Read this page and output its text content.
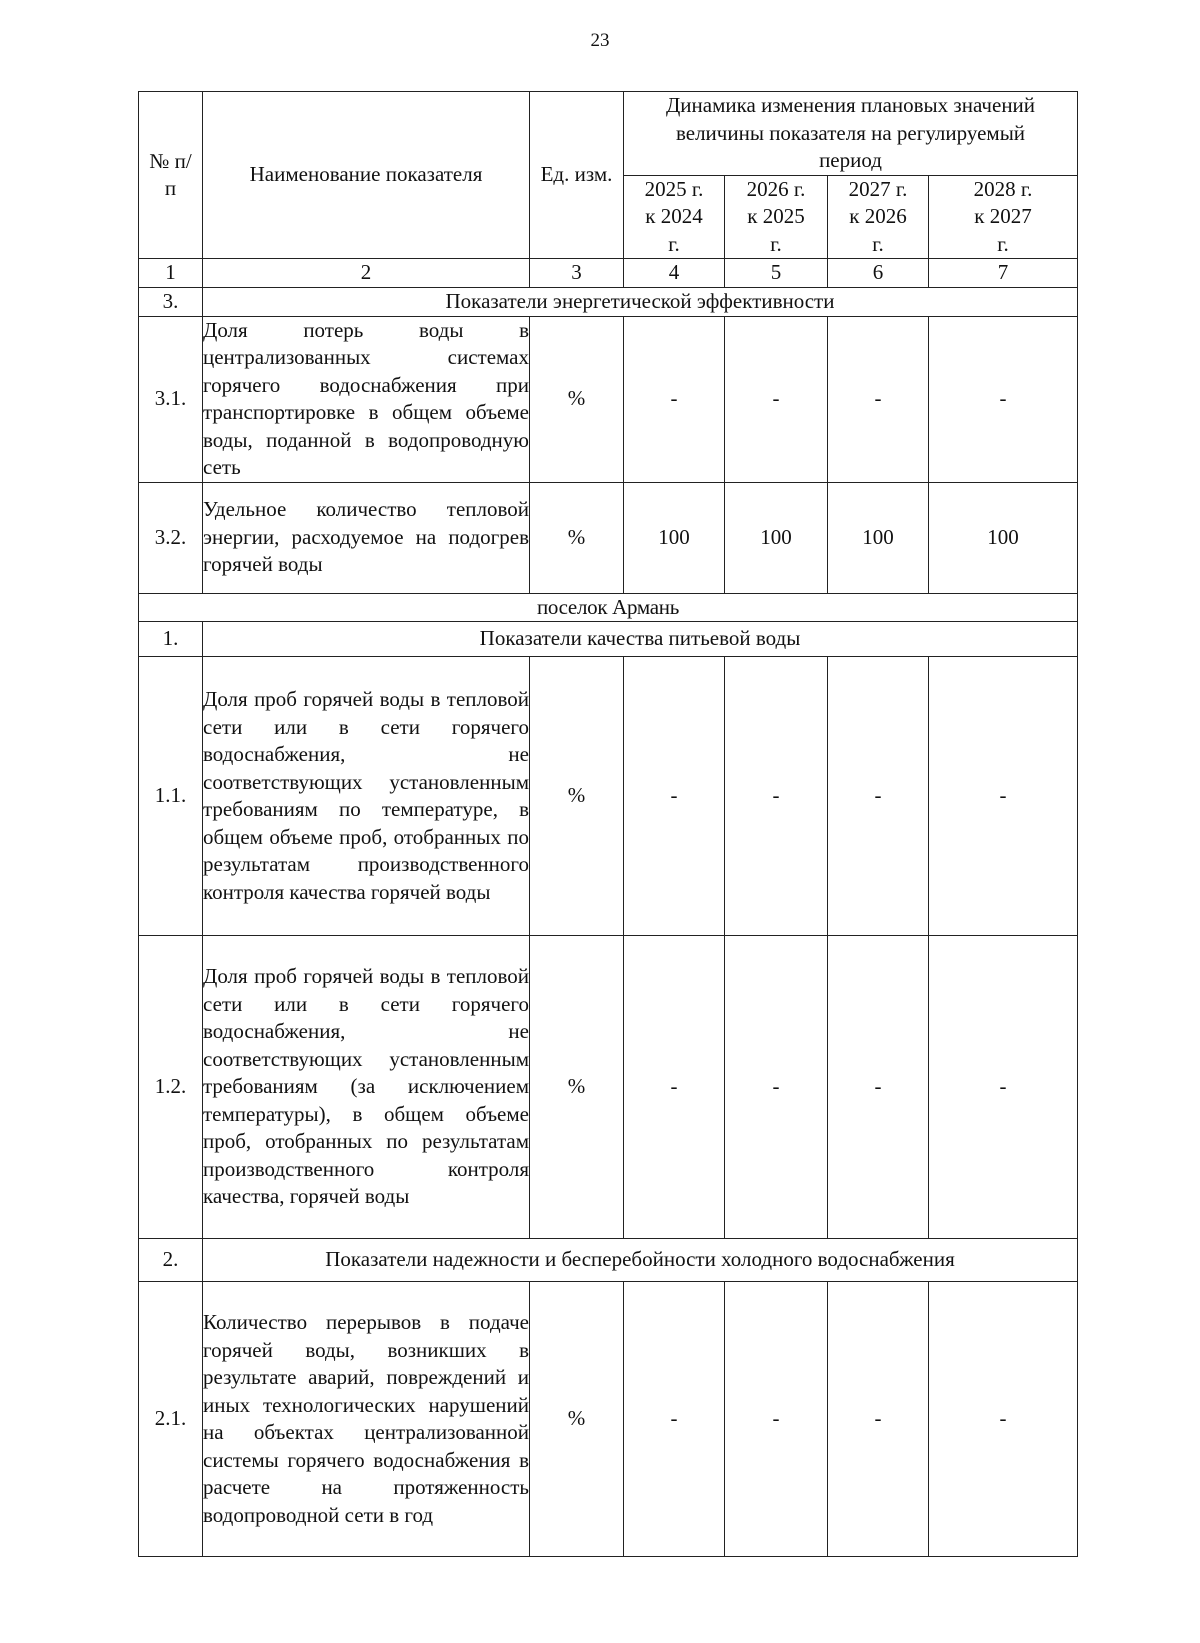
23
№ п/п	Наименование показателя	Ед. изм.	Динамика изменения плановых значений величины показателя на регулируемый период			
			2025 г. к 2024 г.	2026 г. к 2025 г.	2027 г. к 2026 г.	2028 г. к 2027 г.
1	2	3	4	5	6	7
3.	Показатели энергетической эффективности					
3.1.	Доля потерь воды в централизованных системах горячего водоснабжения при транспортировке в общем объеме воды, поданной в водопроводную сеть	%	-	-	-	-
3.2.	Удельное количество тепловой энергии, расходуемое на подогрев горячей воды	%	100	100	100	100
поселок Армань						
1.	Показатели качества питьевой воды					
1.1.	Доля проб горячей воды в тепловой сети или в сети горячего водоснабжения, не соответствующих установленным требованиям по температуре, в общем объеме проб, отобранных по результатам производственного контроля качества горячей воды	%	-	-	-	-
1.2.	Доля проб горячей воды в тепловой сети или в сети горячего водоснабжения, не соответствующих установленным требованиям (за исключением температуры), в общем объеме проб, отобранных по результатам производственного контроля качества, горячей воды	%	-	-	-	-
2.	Показатели надежности и бесперебойности холодного водоснабжения					
2.1.	Количество перерывов в подаче горячей воды, возникших в результате аварий, повреждений и иных технологических нарушений на объектах централизованной системы горячего водоснабжения в расчете на протяженность водопроводной сети в год	%	-	-	-	-
